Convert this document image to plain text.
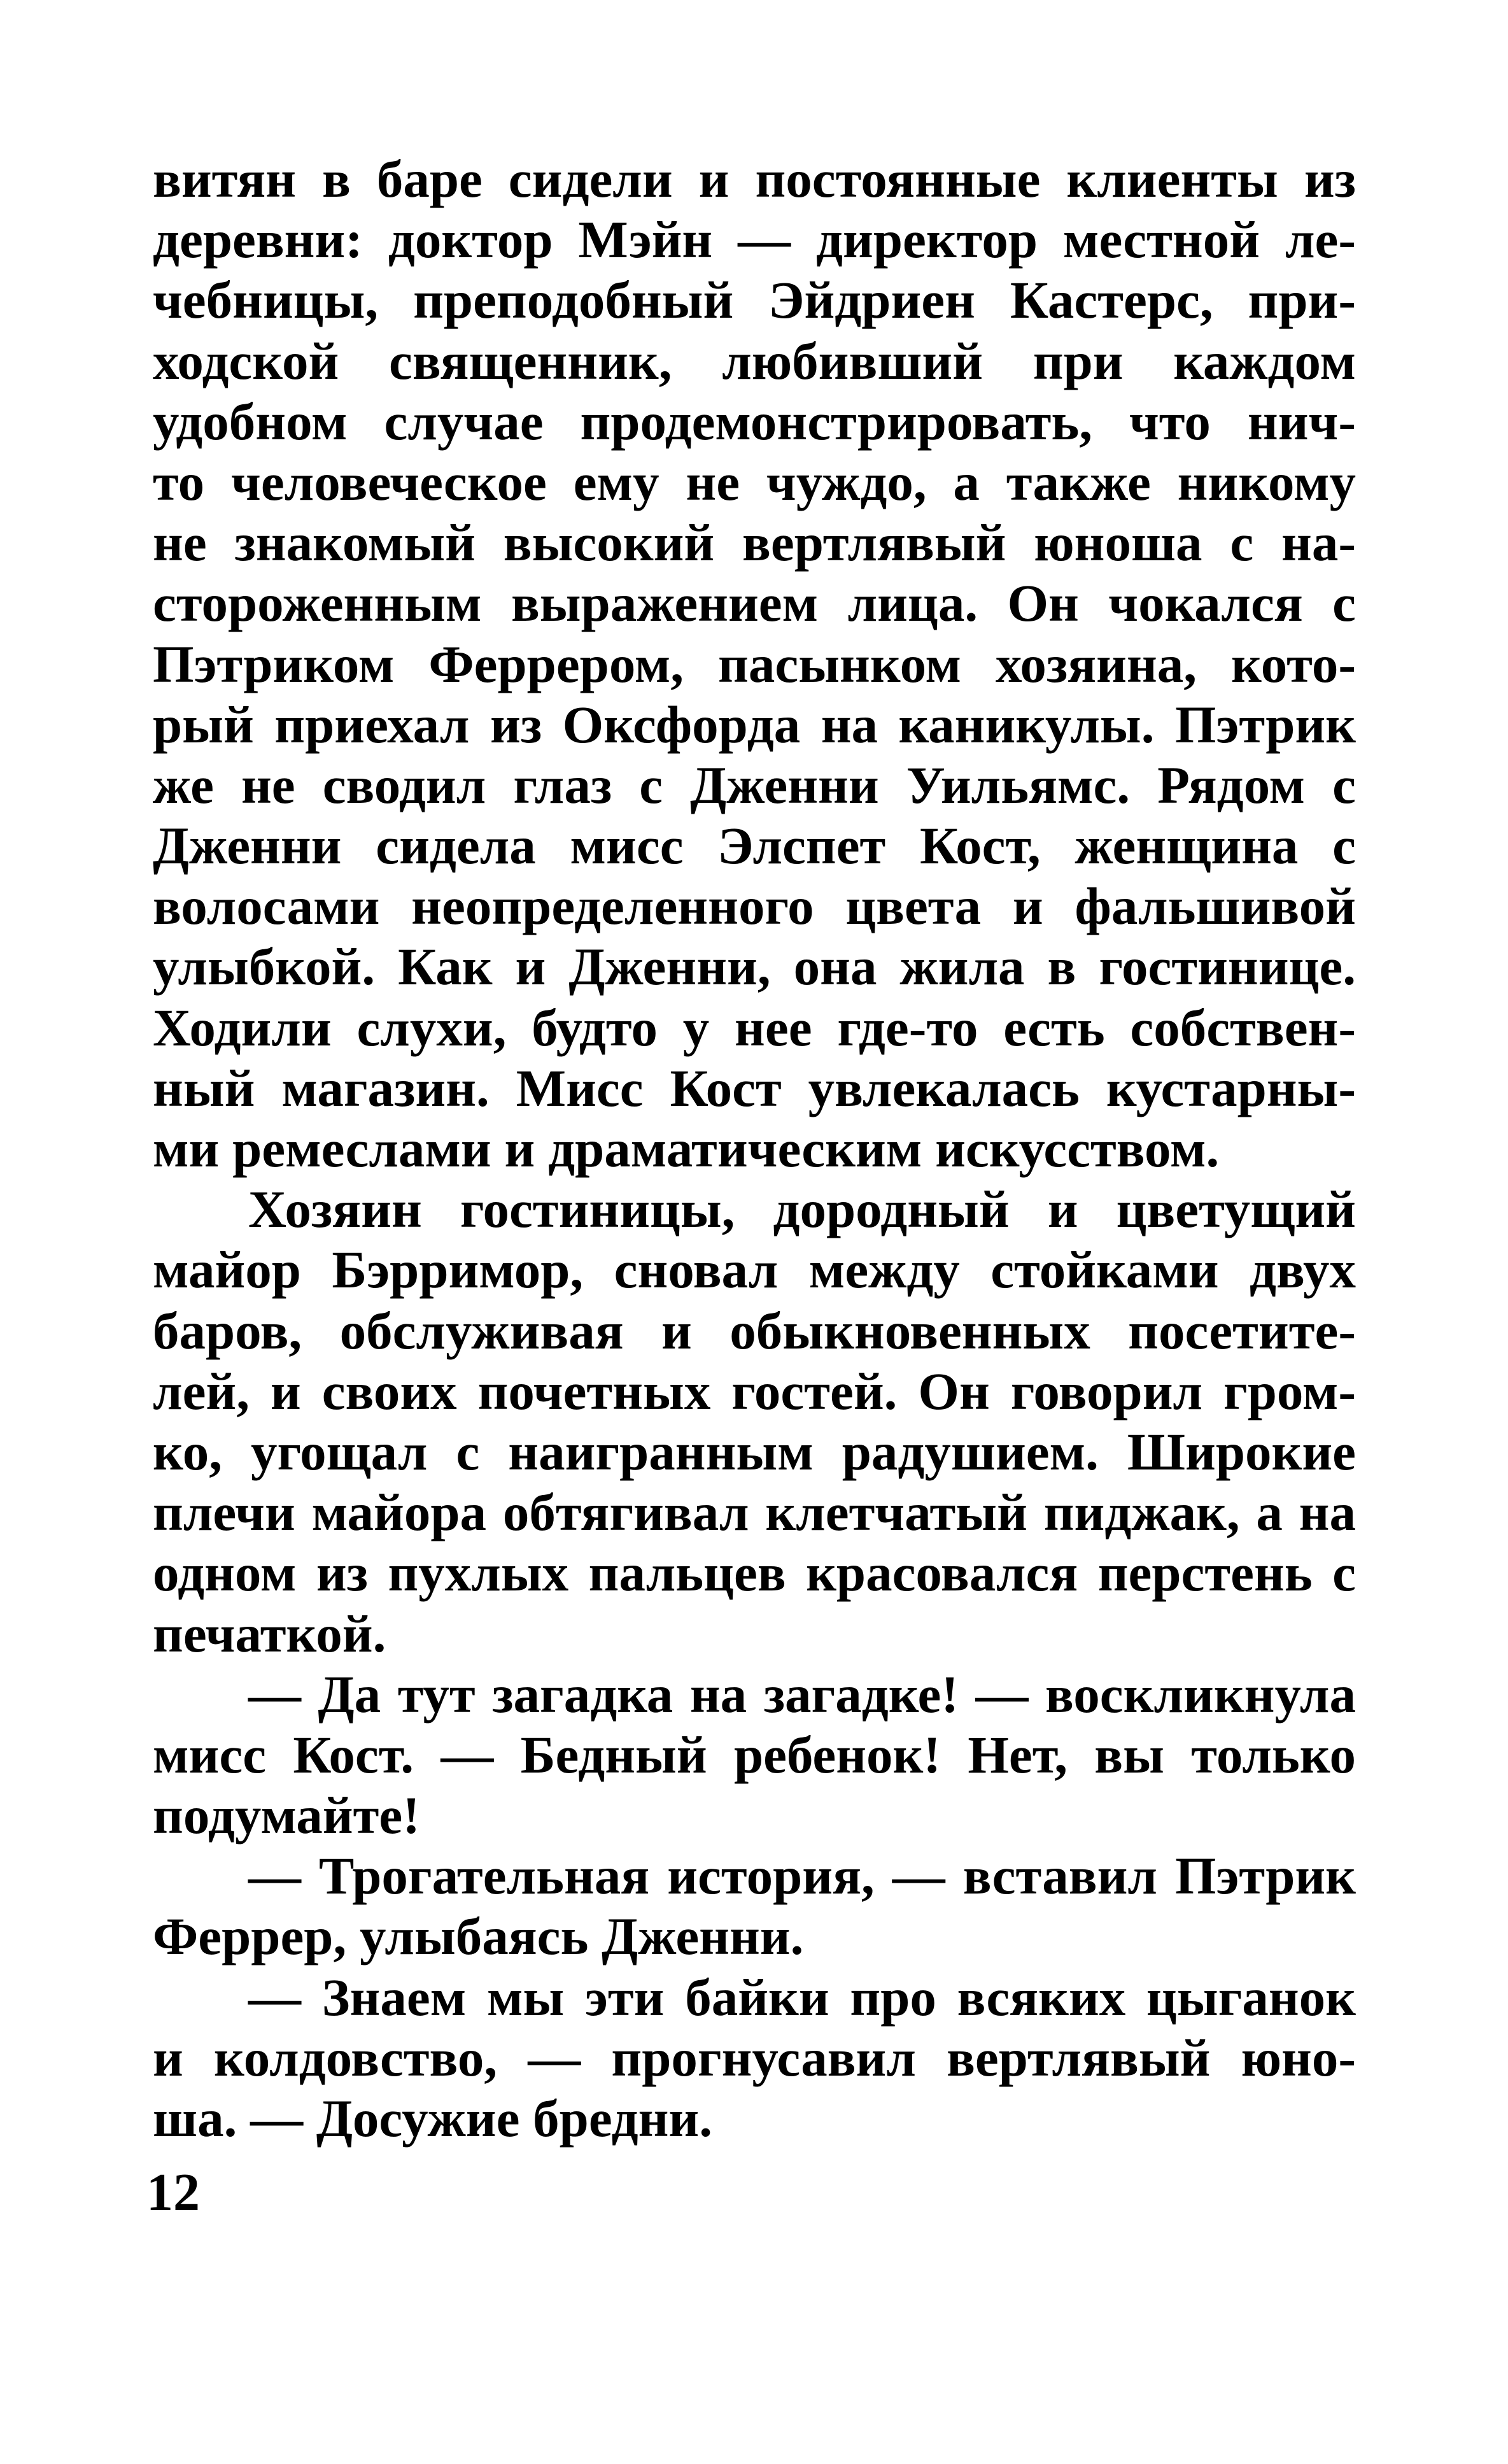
витян в баре сидели и постоянные клиенты из
деревни: доктор Мэйн — директор местной ле-
чебницы, преподобный Эйдриен Кастерс, при-
ходской священник, любивший при каждом
удобном случае продемонстрировать, что нич-
то человеческое ему не чуждо, а также никому
не знакомый высокий вертлявый юноша с на-
стороженным выражением лица. Он чокался с
Пэтриком Феррером, пасынком хозяина, кото-
рый приехал из Оксфорда на каникулы. Пэтрик
же не сводил глаз с Дженни Уильямс. Рядом с
Дженни сидела мисс Элспет Кост, женщина с
волосами неопределенного цвета и фальшивой
улыбкой. Как и Дженни, она жила в гостинице.
Ходили слухи, будто у нее где-то есть собствен-
ный магазин. Мисс Кост увлекалась кустарны-
ми ремеслами и драматическим искусством.
Хозяин гостиницы, дородный и цветущий
майор Бэрримор, сновал между стойками двух
баров, обслуживая и обыкновенных посетите-
лей, и своих почетных гостей. Он говорил гром-
ко, угощал с наигранным радушием. Широкие
плечи майора обтягивал клетчатый пиджак, а на
одном из пухлых пальцев красовался перстень с
печаткой.
— Да тут загадка на загадке! — воскликнула
мисс Кост. — Бедный ребенок! Нет, вы только
подумайте!
— Трогательная история, — вставил Пэтрик
Феррер, улыбаясь Дженни.
— Знаем мы эти байки про всяких цыганок
и колдовство, — прогнусавил вертлявый юно-
ша. — Досужие бредни.
12
